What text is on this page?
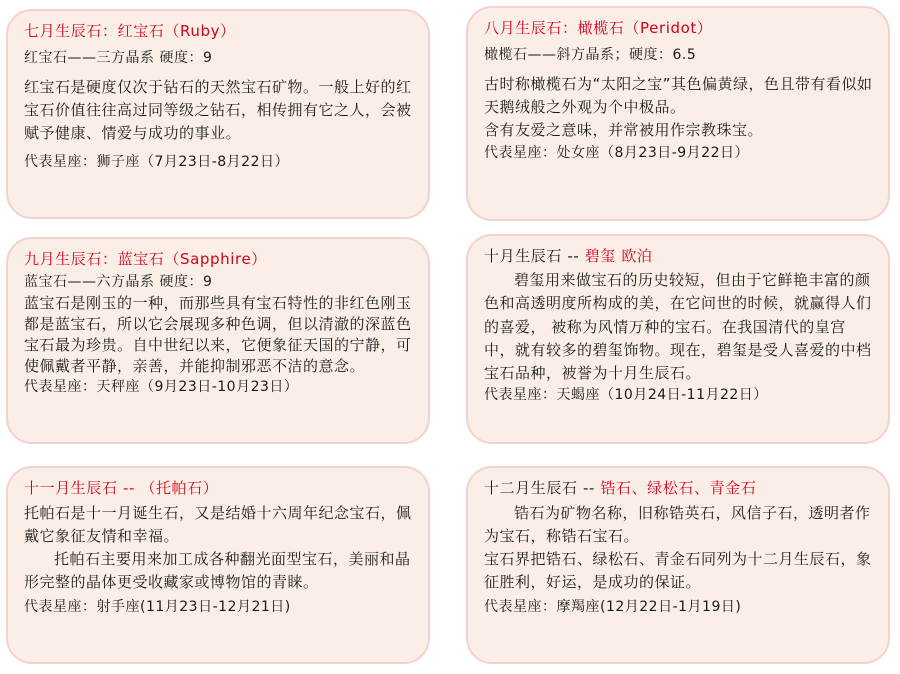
七月生辰石：红宝石（Ruby）
红宝石——三方晶系 硬度：9
红宝石是硬度仅次于钻石的天然宝石矿物。一般上好的红宝石价值往往高过同等级之钻石，相传拥有它之人，会被赋予健康、情爱与成功的事业。
代表星座：狮子座（7月23日-8月22日）
八月生辰石：橄榄石（Peridot）
橄榄石——斜方晶系；硬度：6.5
古时称橄榄石为“太阳之宝”其色偏黄绿，色且带有看似如天鹅绒般之外观为个中极品。
含有友爱之意味，并常被用作宗教珠宝。
代表星座：处女座（8月23日-9月22日）
九月生辰石：蓝宝石（Sapphire）
蓝宝石——六方晶系 硬度：9
蓝宝石是刚玉的一种，而那些具有宝石特性的非红色刚玉都是蓝宝石，所以它会展现多种色调，但以清澈的深蓝色宝石最为珍贵。自中世纪以来，它便象征天国的宁静，可使佩戴者平静，亲善，并能抑制邪恶不洁的意念。
代表星座：天秤座（9月23日-10月23日）
十月生辰石 -- 碧玺 欧泊
碧玺用来做宝石的历史较短，但由于它鲜艳丰富的颜色和高透明度所构成的美，在它问世的时候，就赢得人们的喜爱， 被称为风情万种的宝石。在我国清代的皇宫中，就有较多的碧玺饰物。现在，碧玺是受人喜爱的中档宝石品种，被誉为十月生辰石。
代表星座：天蝎座（10月24日-11月22日）
十一月生辰石 -- （托帕石）
托帕石是十一月诞生石，又是结婚十六周年纪念宝石，佩戴它象征友情和幸福。
托帕石主要用来加工成各种翻光面型宝石，美丽和晶形完整的晶体更受收藏家或博物馆的青睐。
代表星座：射手座(11月23日-12月21日)
十二月生辰石 -- 锆石、绿松石、青金石
锆石为矿物名称，旧称锆英石，风信子石，透明者作为宝石，称锆石宝石。
宝石界把锆石、绿松石、青金石同列为十二月生辰石，象征胜利，好运，是成功的保证。
代表星座：摩羯座(12月22日-1月19日)
